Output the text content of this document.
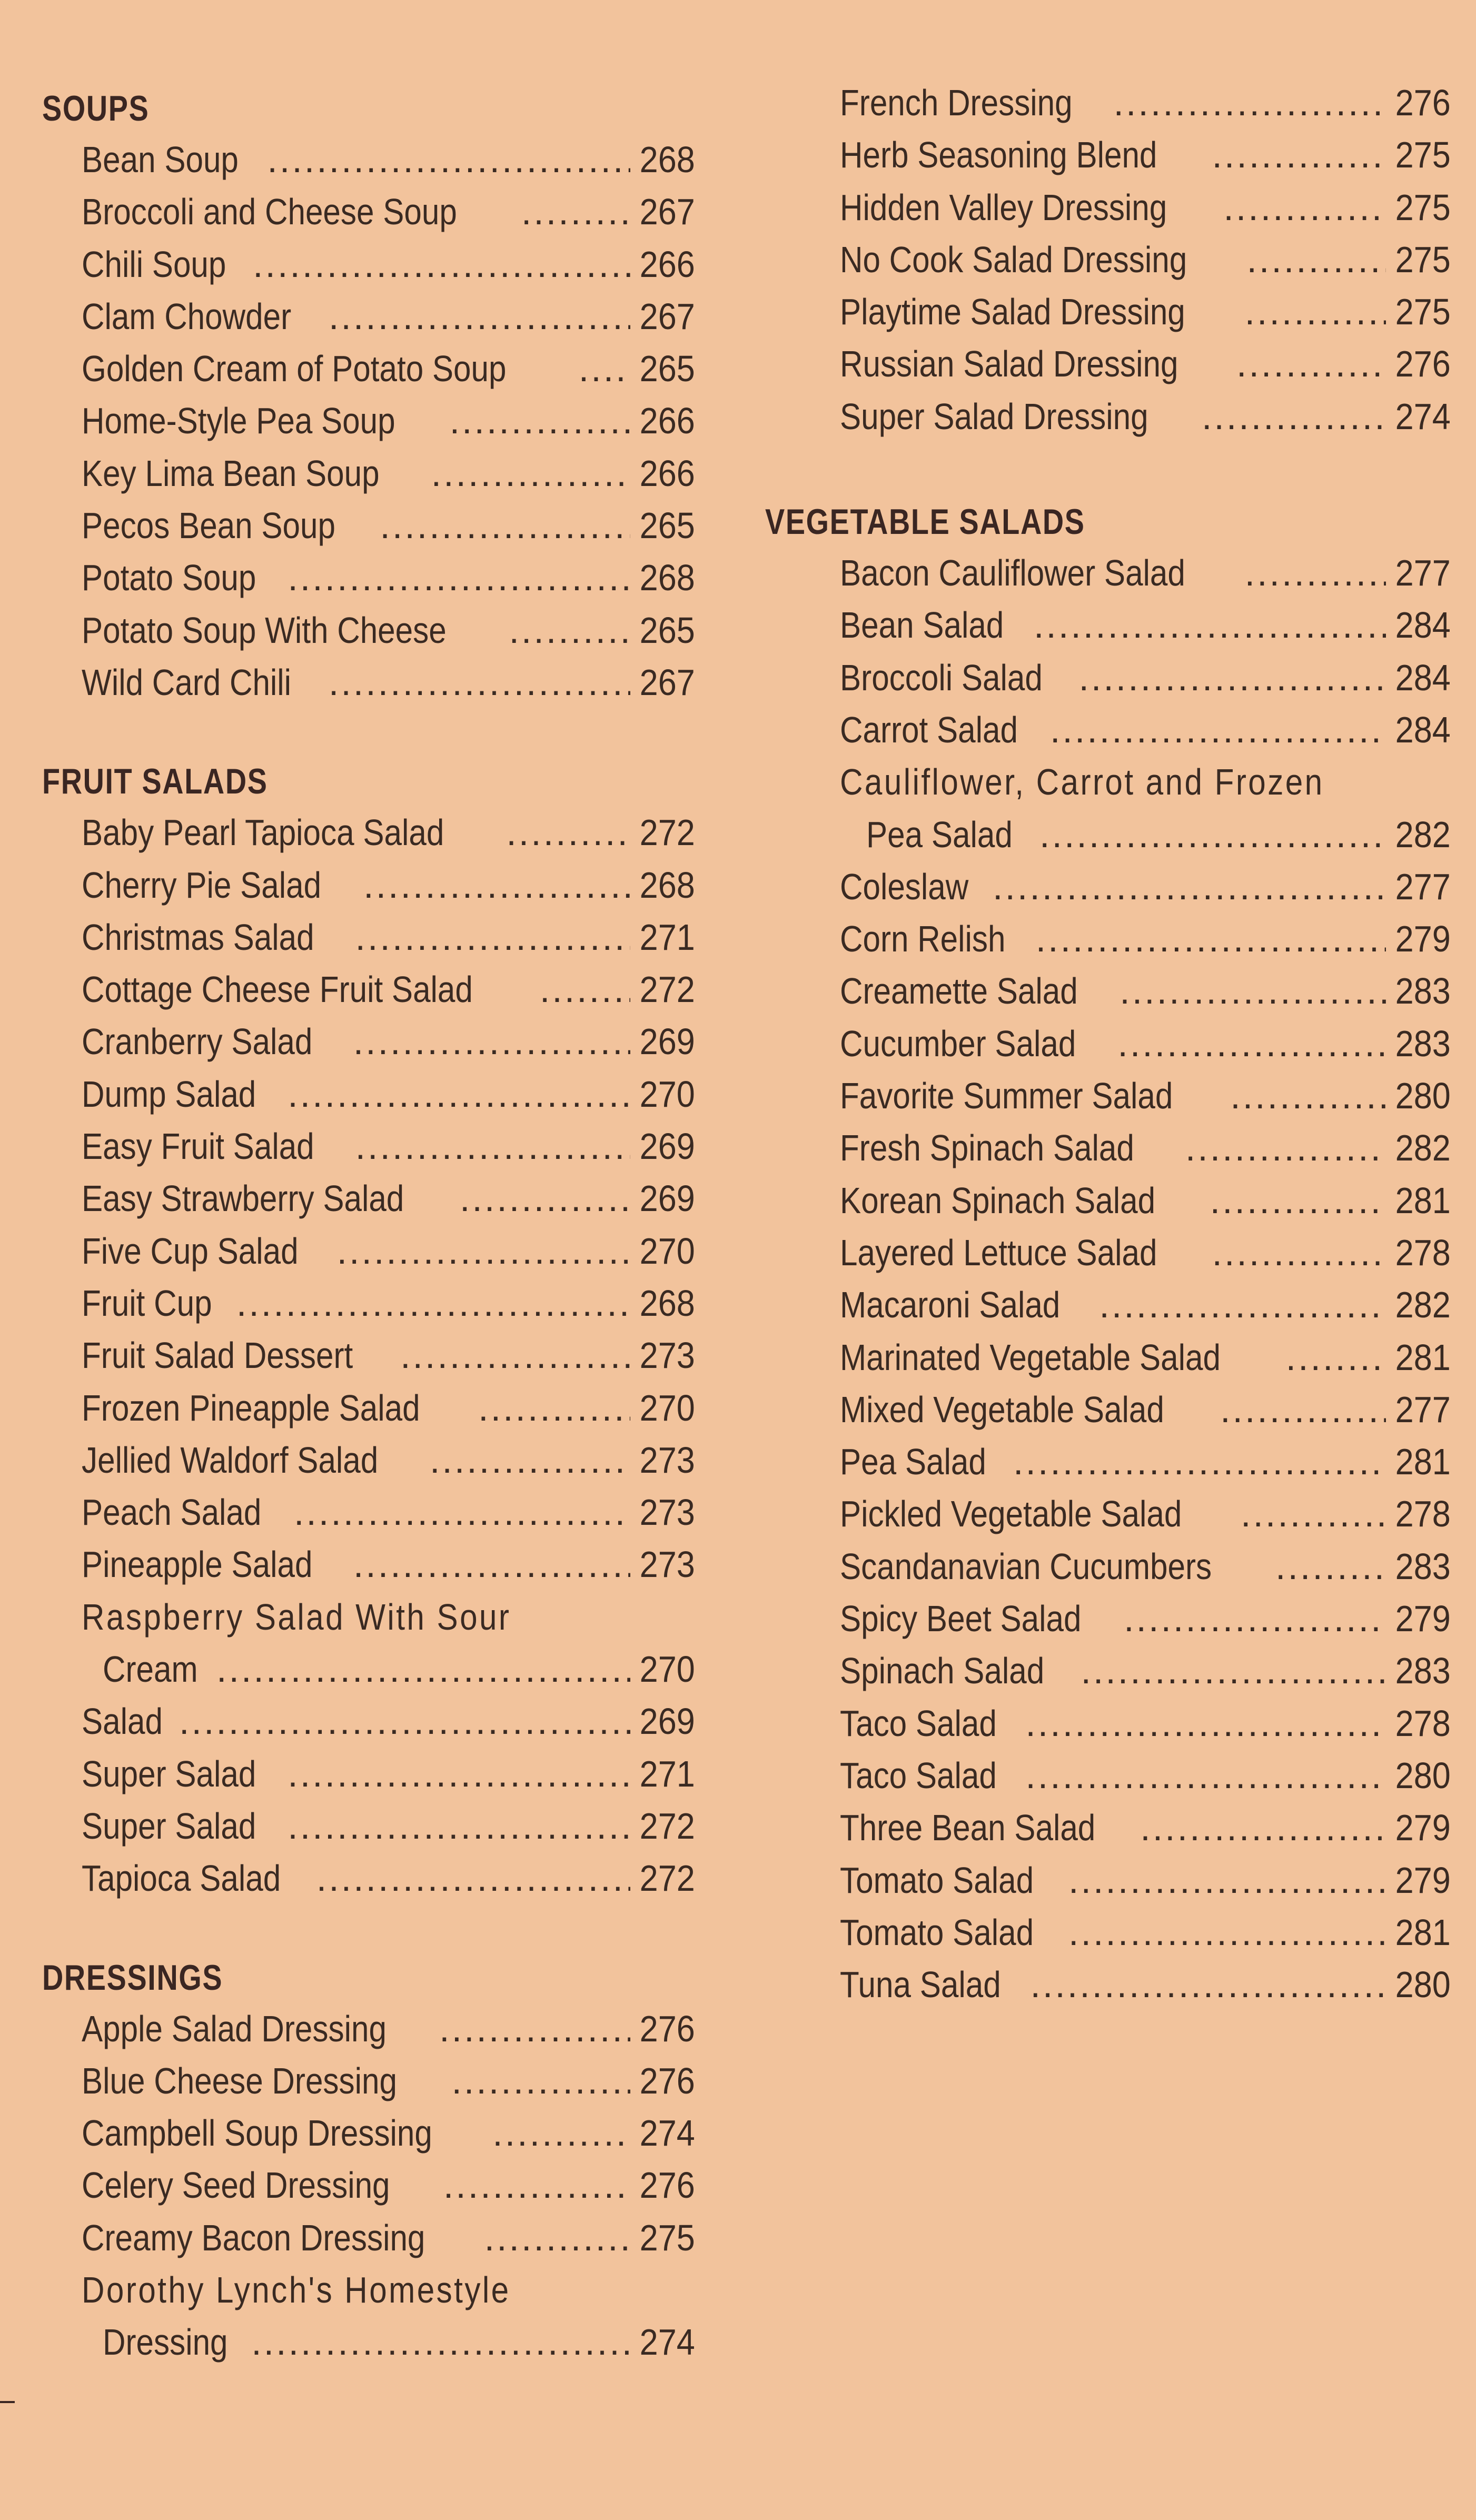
SOUPS
Bean Soup .....	268
Broccoli and Cheese Soup .....	267
Chili Soup .....	266
Clam Chowder .....	267
Golden Cream of Potato Soup .....	265
Home-Style Pea Soup .....	266
Key Lima Bean Soup .....	266
Pecos Bean Soup .....	265
Potato Soup .....	268
Potato Soup With Cheese .....	265
Wild Card Chili .....	267
FRUIT SALADS
Baby Pearl Tapioca Salad .....	272
Cherry Pie Salad .....	268
Christmas Salad .....	271
Cottage Cheese Fruit Salad .....	272
Cranberry Salad .....	269
Dump Salad .....	270
Easy Fruit Salad .....	269
Easy Strawberry Salad .....	269
Five Cup Salad .....	270
Fruit Cup .....	268
Fruit Salad Dessert .....	273
Frozen Pineapple Salad .....	270
Jellied Waldorf Salad .....	273
Peach Salad .....	273
Pineapple Salad .....	273
Raspberry Salad With Sour
Cream .....	270
Salad .....	269
Super Salad .....	271
Super Salad .....	272
Tapioca Salad .....	272
DRESSINGS
Apple Salad Dressing .....	276
Blue Cheese Dressing .....	276
Campbell Soup Dressing .....	274
Celery Seed Dressing .....	276
Creamy Bacon Dressing .....	275
Dorothy Lynch's Homestyle
Dressing .....	274
French Dressing .....	276
Herb Seasoning Blend .....	275
Hidden Valley Dressing .....	275
No Cook Salad Dressing .....	275
Playtime Salad Dressing .....	275
Russian Salad Dressing .....	276
Super Salad Dressing .....	274
VEGETABLE SALADS
Bacon Cauliflower Salad .....	277
Bean Salad .....	284
Broccoli Salad .....	284
Carrot Salad .....	284
Cauliflower, Carrot and Frozen
Pea Salad .....	282
Coleslaw .....	277
Corn Relish .....	279
Creamette Salad .....	283
Cucumber Salad .....	283
Favorite Summer Salad .....	280
Fresh Spinach Salad .....	282
Korean Spinach Salad .....	281
Layered Lettuce Salad .....	278
Macaroni Salad .....	282
Marinated Vegetable Salad .....	281
Mixed Vegetable Salad .....	277
Pea Salad .....	281
Pickled Vegetable Salad .....	278
Scandanavian Cucumbers .....	283
Spicy Beet Salad .....	279
Spinach Salad .....	283
Taco Salad .....	278
Taco Salad .....	280
Three Bean Salad .....	279
Tomato Salad .....	279
Tomato Salad .....	281
Tuna Salad .....	280
